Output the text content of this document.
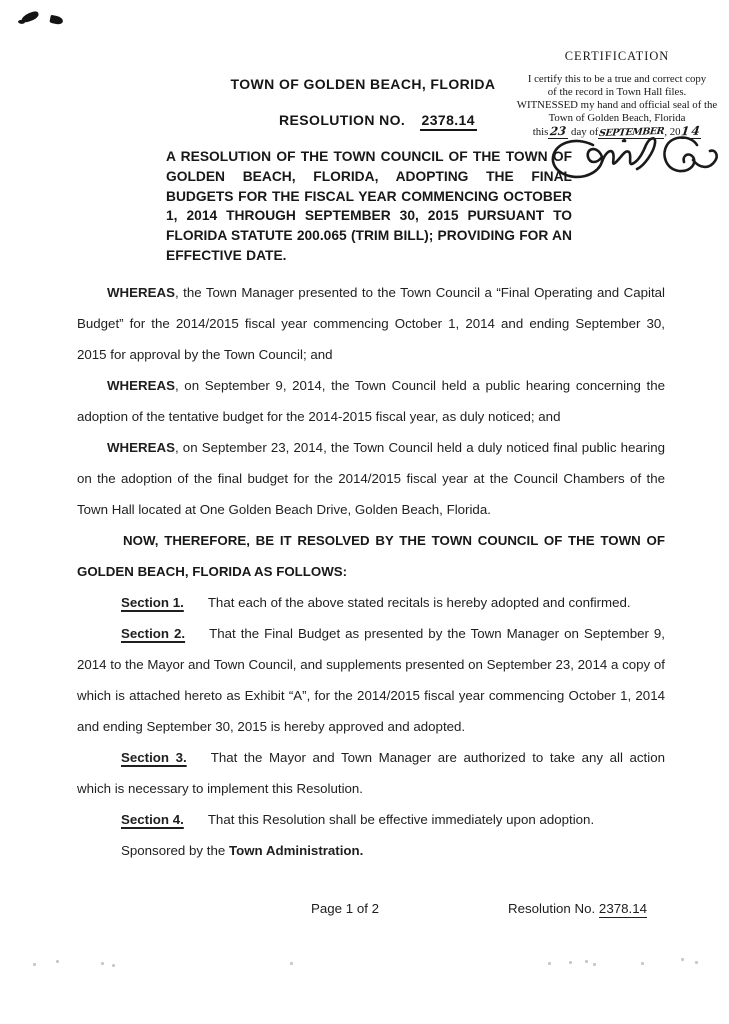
TOWN OF GOLDEN BEACH, FLORIDA
RESOLUTION NO. 2378.14
CERTIFICATION
I certify this to be a true and correct copy
of the record in Town Hall files.
WITNESSED my hand and official seal of the
Town of Golden Beach, Florida
this23 day ofSEPTEMBER, 2014
A RESOLUTION OF THE TOWN COUNCIL OF THE TOWN OF GOLDEN BEACH, FLORIDA, ADOPTING THE FINAL BUDGETS FOR THE FISCAL YEAR COMMENCING OCTOBER 1, 2014 THROUGH SEPTEMBER 30, 2015 PURSUANT TO FLORIDA STATUTE 200.065 (TRIM BILL); PROVIDING FOR AN EFFECTIVE DATE.

WHEREAS, the Town Manager presented to the Town Council a “Final Operating and Capital Budget” for the 2014/2015 fiscal year commencing October 1, 2014 and ending September 30, 2015 for approval by the Town Council; and

WHEREAS, on September 9, 2014, the Town Council held a public hearing concerning the adoption of the tentative budget for the 2014-2015 fiscal year, as duly noticed; and

WHEREAS, on September 23, 2014, the Town Council held a duly noticed final public hearing on the adoption of the final budget for the 2014/2015 fiscal year at the Council Chambers of the Town Hall located at One Golden Beach Drive, Golden Beach, Florida.

NOW, THEREFORE, BE IT RESOLVED BY THE TOWN COUNCIL OF THE TOWN OF GOLDEN BEACH, FLORIDA AS FOLLOWS:

Section 1. That each of the above stated recitals is hereby adopted and confirmed.

Section 2. That the Final Budget as presented by the Town Manager on September 9, 2014 to the Mayor and Town Council, and supplements presented on September 23, 2014 a copy of which is attached hereto as Exhibit “A”, for the 2014/2015 fiscal year commencing October 1, 2014 and ending September 30, 2015 is hereby approved and adopted.

Section 3. That the Mayor and Town Manager are authorized to take any all action which is necessary to implement this Resolution.

Section 4. That this Resolution shall be effective immediately upon adoption.

Sponsored by the Town Administration.

Page 1 of 2	Resolution No. 2378.14
